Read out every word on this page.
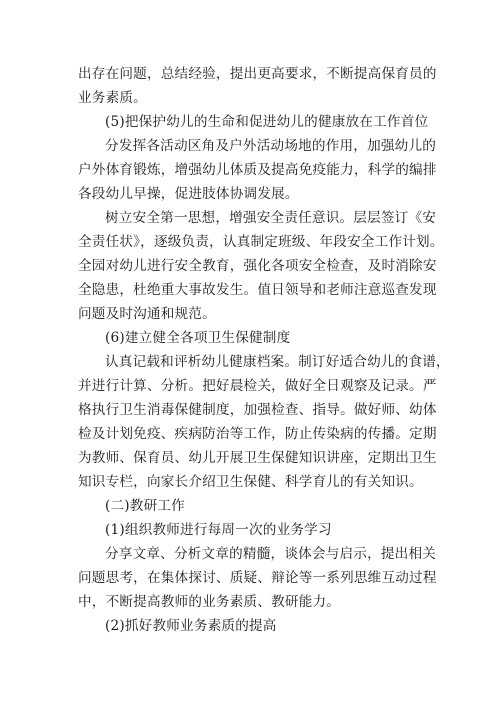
出存在问题，总结经验，提出更高要求，不断提高保育员的
业务素质。
(5)把保护幼儿的生命和促进幼儿的健康放在工作首位
分发挥各活动区角及户外活动场地的作用，加强幼儿的
户外体育锻炼，增强幼儿体质及提高免疫能力，科学的编排
各段幼儿早操，促进肢体协调发展。
树立安全第一思想，增强安全责任意识。层层签订《安
全责任状》，逐级负责，认真制定班级、年段安全工作计划。
全园对幼儿进行安全教育，强化各项安全检查，及时消除安
全隐患，杜绝重大事故发生。值日领导和老师注意巡查发现
问题及时沟通和规范。
(6)建立健全各项卫生保健制度
认真记载和评析幼儿健康档案。制订好适合幼儿的食谱，
并进行计算、分析。把好晨检关，做好全日观察及记录。严
格执行卫生消毒保健制度，加强检查、指导。做好师、幼体
检及计划免疫、疾病防治等工作，防止传染病的传播。定期
为教师、保育员、幼儿开展卫生保健知识讲座，定期出卫生
知识专栏，向家长介绍卫生保健、科学育儿的有关知识。
(二)教研工作
(1)组织教师进行每周一次的业务学习
分享文章、分析文章的精髓，谈体会与启示，提出相关
问题思考，在集体探讨、质疑、辩论等一系列思维互动过程
中，不断提高教师的业务素质、教研能力。
(2)抓好教师业务素质的提高
